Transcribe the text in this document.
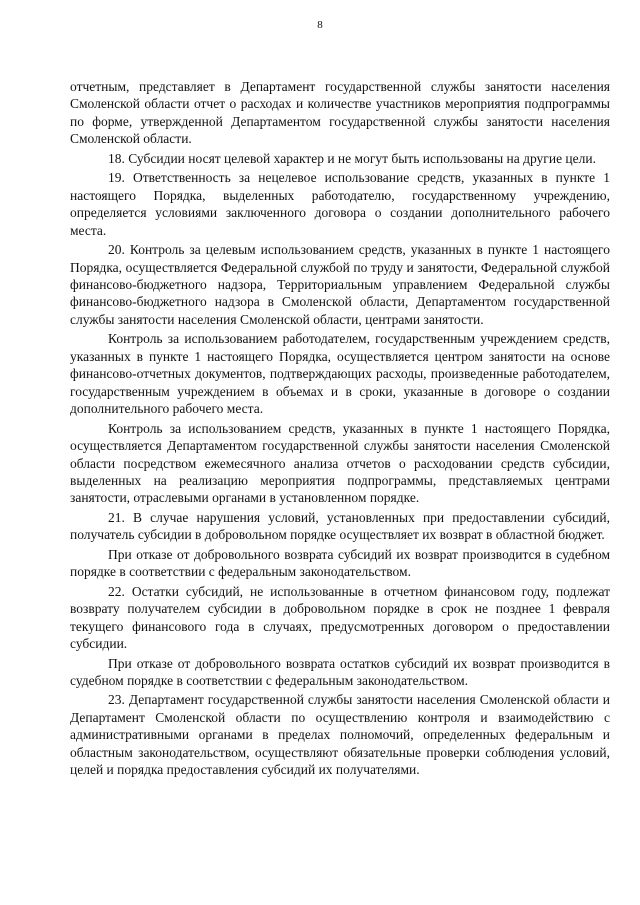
8

отчетным, представляет в Департамент государственной службы занятости населения Смоленской области отчет о расходах и количестве участников мероприятия подпрограммы по форме, утвержденной Департаментом государственной службы занятости населения Смоленской области.

18. Субсидии носят целевой характер и не могут быть использованы на другие цели.

19. Ответственность за нецелевое использование средств, указанных в пункте 1 настоящего Порядка, выделенных работодателю, государственному учреждению, определяется условиями заключенного договора о создании дополнительного рабочего места.

20. Контроль за целевым использованием средств, указанных в пункте 1 настоящего Порядка, осуществляется Федеральной службой по труду и занятости, Федеральной службой финансово-бюджетного надзора, Территориальным управлением Федеральной службы финансово-бюджетного надзора в Смоленской области, Департаментом государственной службы занятости населения Смоленской области, центрами занятости.

Контроль за использованием работодателем, государственным учреждением средств, указанных в пункте 1 настоящего Порядка, осуществляется центром занятости на основе финансово-отчетных документов, подтверждающих расходы, произведенные работодателем, государственным учреждением в объемах и в сроки, указанные в договоре о создании дополнительного рабочего места.

Контроль за использованием средств, указанных в пункте 1 настоящего Порядка, осуществляется Департаментом государственной службы занятости населения Смоленской области посредством ежемесячного анализа отчетов о расходовании средств субсидии, выделенных на реализацию мероприятия подпрограммы, представляемых центрами занятости, отраслевыми органами в установленном порядке.

21. В случае нарушения условий, установленных при предоставлении субсидий, получатель субсидии в добровольном порядке осуществляет их возврат в областной бюджет.

При отказе от добровольного возврата субсидий их возврат производится в судебном порядке в соответствии с федеральным законодательством.

22. Остатки субсидий, не использованные в отчетном финансовом году, подлежат возврату получателем субсидии в добровольном порядке в срок не позднее 1 февраля текущего финансового года в случаях, предусмотренных договором о предоставлении субсидии.

При отказе от добровольного возврата остатков субсидий их возврат производится в судебном порядке в соответствии с федеральным законодательством.

23. Департамент государственной службы занятости населения Смоленской области и Департамент Смоленской области по осуществлению контроля и взаимодействию с административными органами в пределах полномочий, определенных федеральным и областным законодательством, осуществляют обязательные проверки соблюдения условий, целей и порядка предоставления субсидий их получателями.
